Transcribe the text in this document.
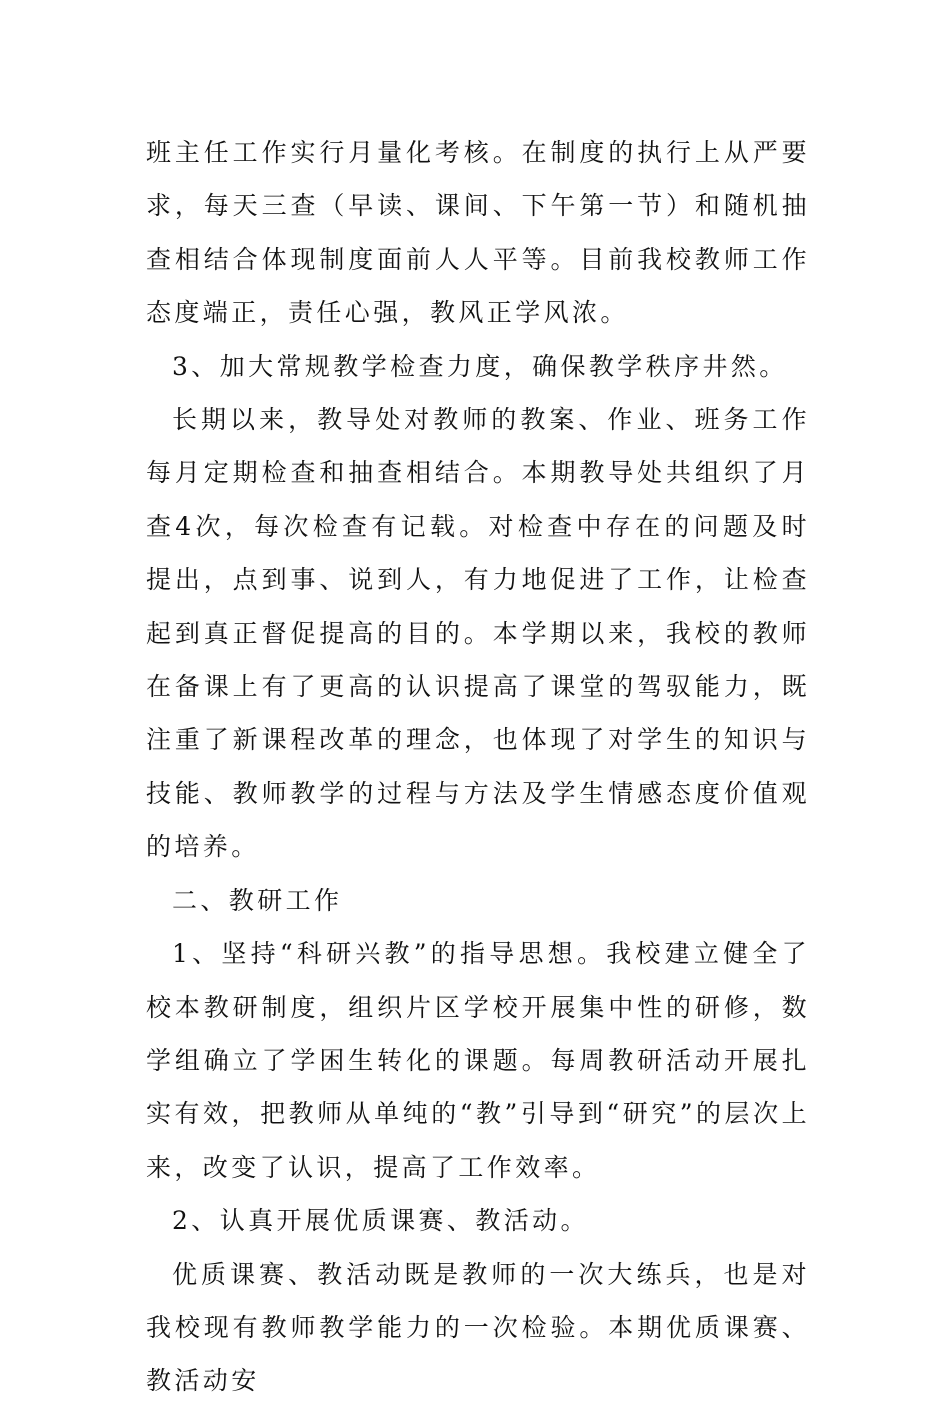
班主任工作实行月量化考核。在制度的执行上从严要求，每天三查（早读、课间、下午第一节）和随机抽查相结合体现制度面前人人平等。目前我校教师工作态度端正，责任心强，教风正学风浓。

3、加大常规教学检查力度，确保教学秩序井然。

长期以来，教导处对教师的教案、作业、班务工作每月定期检查和抽查相结合。本期教导处共组织了月查4次，每次检查有记载。对检查中存在的问题及时提出，点到事、说到人，有力地促进了工作，让检查起到真正督促提高的目的。本学期以来，我校的教师在备课上有了更高的认识提高了课堂的驾驭能力，既注重了新课程改革的理念，也体现了对学生的知识与技能、教师教学的过程与方法及学生情感态度价值观的培养。

二、教研工作

1、坚持“科研兴教”的指导思想。我校建立健全了校本教研制度，组织片区学校开展集中性的研修，数学组确立了学困生转化的课题。每周教研活动开展扎实有效，把教师从单纯的“教”引导到“研究”的层次上来，改变了认识，提高了工作效率。

2、认真开展优质课赛、教活动。

优质课赛、教活动既是教师的一次大练兵，也是对我校现有教师教学能力的一次检验。本期优质课赛、教活动安
